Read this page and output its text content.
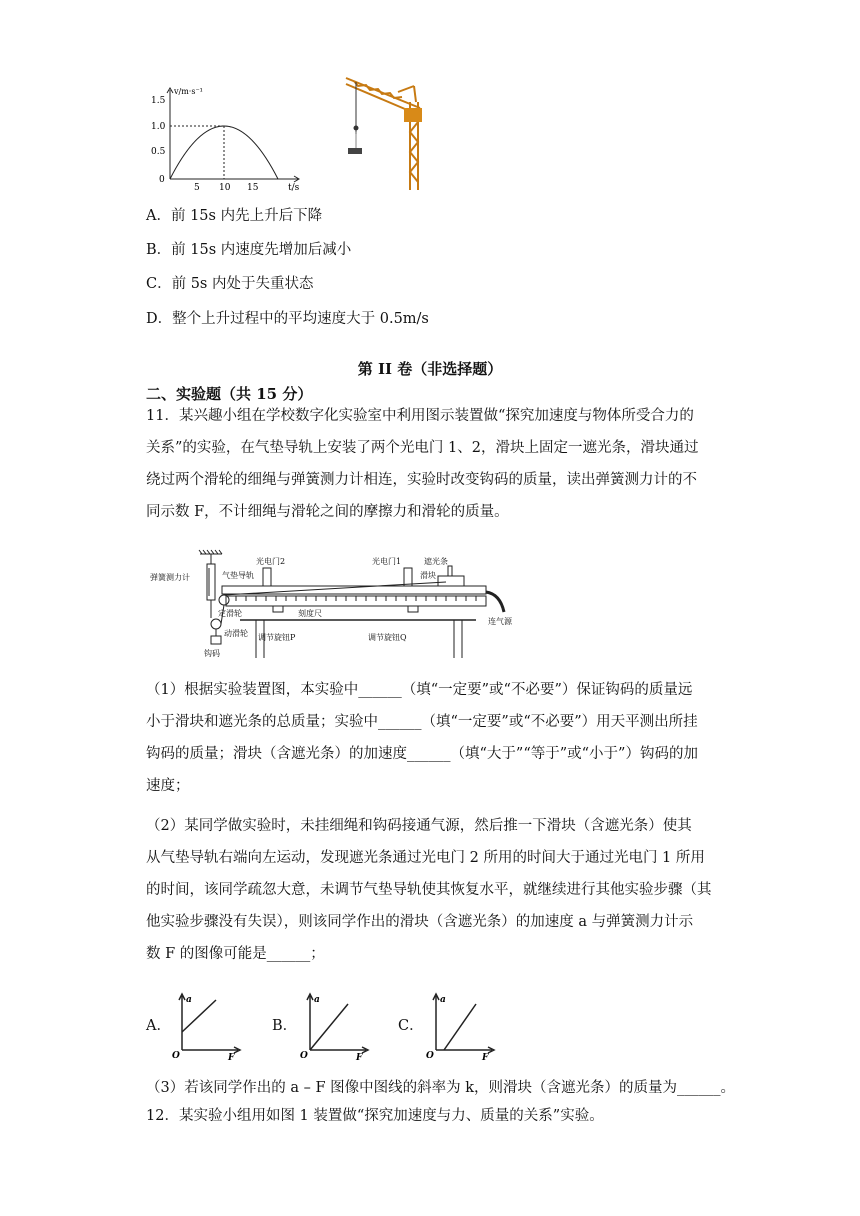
v/m·s⁻¹
t/s
1.5
1.0
0.5
0
5 10 15
A．前 15s 内先上升后下降
B．前 15s 内速度先增加后减小
C．前 5s 内处于失重状态
D．整个上升过程中的平均速度大于 0.5m/s
第 II 卷（非选择题）
二、实验题（共 15 分）
11．某兴趣小组在学校数字化实验室中利用图示装置做“探究加速度与物体所受合力的
关系”的实验，在气垫导轨上安装了两个光电门 1、2，滑块上固定一遮光条，滑块通过
绕过两个滑轮的细绳与弹簧测力计相连，实验时改变钩码的质量，读出弹簧测力计的不
同示数 F，不计细绳与滑轮之间的摩擦力和滑轮的质量。
弹簧测力计	气垫导轨
光电门2	光电门1	遮光条
滑块
定滑轮	刻度尺
连气源
动滑轮 调节旋钮P	调节旋钮Q
钩码
（1）根据实验装置图，本实验中______（填“一定要”或“不必要”）保证钩码的质量远
小于滑块和遮光条的总质量；实验中______（填“一定要”或“不必要”）用天平测出所挂
钩码的质量；滑块（含遮光条）的加速度______（填“大于”“等于”或“小于”）钩码的加
速度；
（2）某同学做实验时，未挂细绳和钩码接通气源，然后推一下滑块（含遮光条）使其
从气垫导轨右端向左运动，发现遮光条通过光电门 2 所用的时间大于通过光电门 1 所用
的时间，该同学疏忽大意，未调节气垫导轨使其恢复水平，就继续进行其他实验步骤（其
他实验步骤没有失误），则该同学作出的滑块（含遮光条）的加速度 a 与弹簧测力计示
数 F 的图像可能是______；
A．
a
O	F
B．
a
O	F
C．
a
O	F
（3）若该同学作出的 a – F 图像中图线的斜率为 k，则滑块（含遮光条）的质量为______。
12．某实验小组用如图 1 装置做“探究加速度与力、质量的关系”实验。
